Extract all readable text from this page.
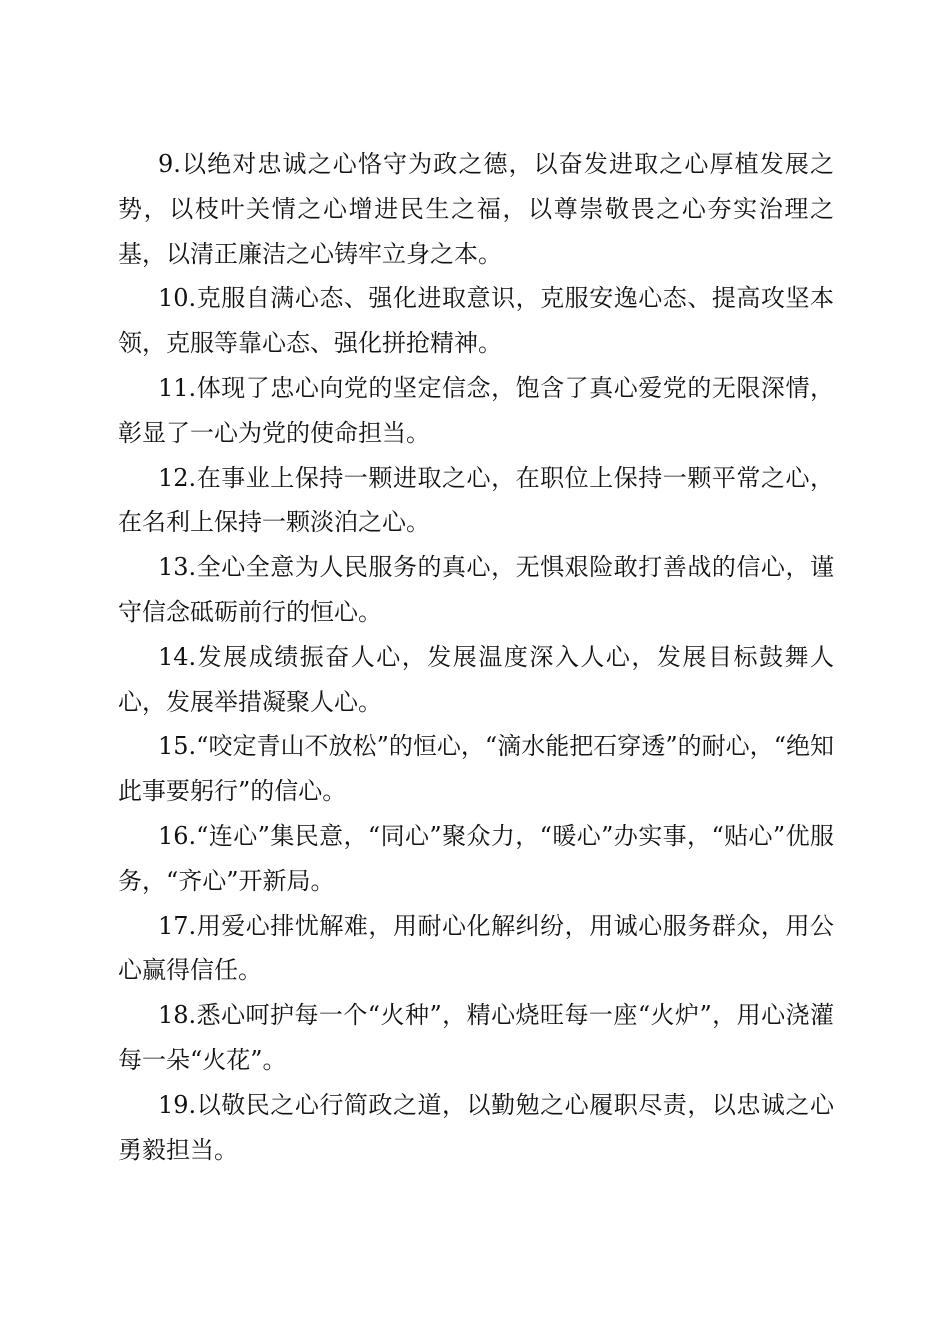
9.以绝对忠诚之心恪守为政之德，以奋发进取之心厚植发展之势，以枝叶关情之心增进民生之福，以尊崇敬畏之心夯实治理之基，以清正廉洁之心铸牢立身之本。

10.克服自满心态、强化进取意识，克服安逸心态、提高攻坚本领，克服等靠心态、强化拼抢精神。

11.体现了忠心向党的坚定信念，饱含了真心爱党的无限深情，彰显了一心为党的使命担当。

12.在事业上保持一颗进取之心，在职位上保持一颗平常之心，在名利上保持一颗淡泊之心。

13.全心全意为人民服务的真心，无惧艰险敢打善战的信心，谨守信念砥砺前行的恒心。

14.发展成绩振奋人心，发展温度深入人心，发展目标鼓舞人心，发展举措凝聚人心。

15.“咬定青山不放松”的恒心，“滴水能把石穿透”的耐心，“绝知此事要躬行”的信心。

16.“连心”集民意，“同心”聚众力，“暖心”办实事，“贴心”优服务，“齐心”开新局。

17.用爱心排忧解难，用耐心化解纠纷，用诚心服务群众，用公心赢得信任。

18.悉心呵护每一个“火种”，精心烧旺每一座“火炉”，用心浇灌每一朵“火花”。

19.以敬民之心行简政之道，以勤勉之心履职尽责，以忠诚之心勇毅担当。
